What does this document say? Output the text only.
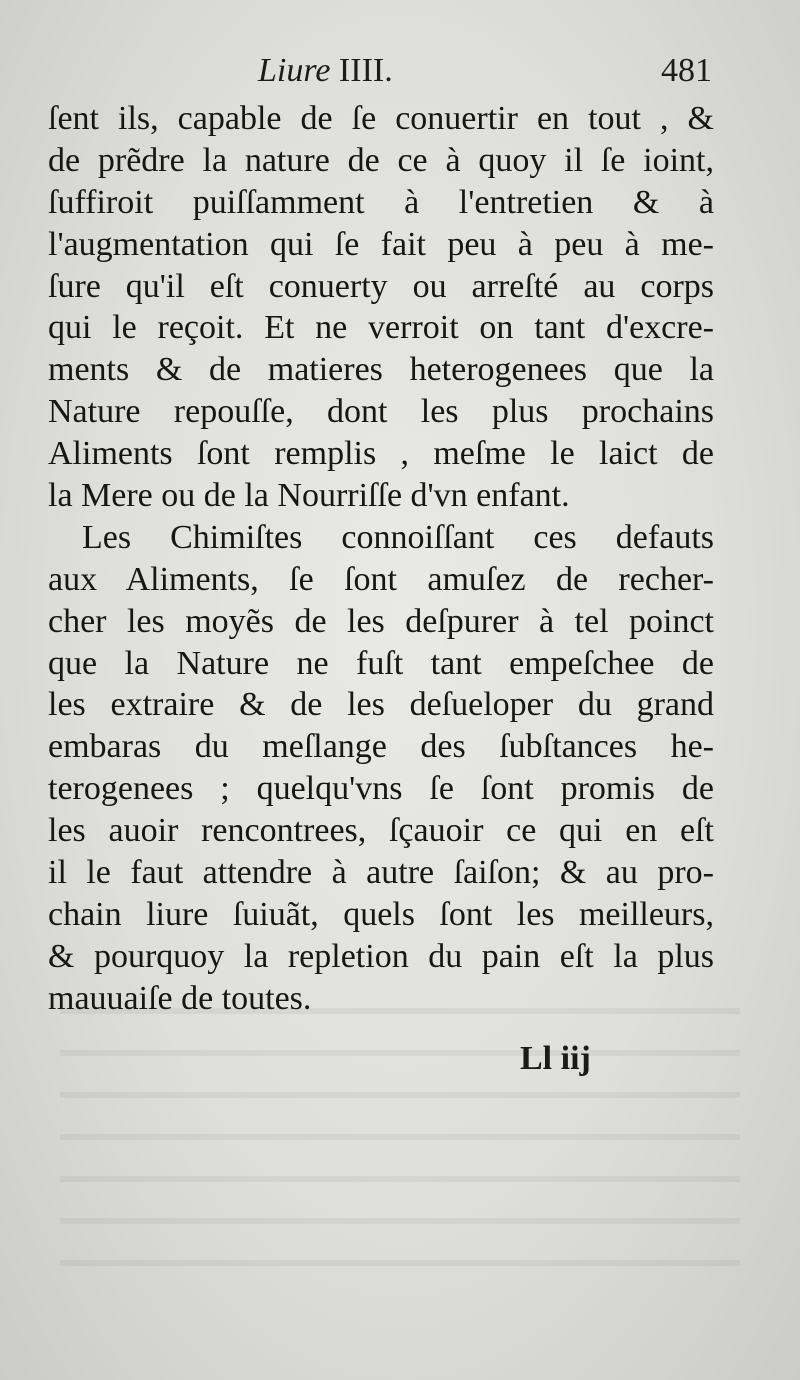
Liure IIII.	481
ſent ils, capable de ſe conuertir en tout , &
de prẽdre la nature de ce à quoy il ſe ioint,
ſuffiroit puiſſamment à l'entretien & à
l'augmentation qui ſe fait peu à peu à me-
ſure qu'il eſt conuerty ou arreſté au corps
qui le reçoit. Et ne verroit on tant d'excre-
ments & de matieres heterogenees que la
Nature repouſſe, dont les plus prochains
Aliments ſont remplis , meſme le laict de
la Mere ou de la Nourriſſe d'vn enfant.
Les Chimiſtes connoiſſant ces defauts
aux Aliments, ſe ſont amuſez de recher-
cher les moyẽs de les deſpurer à tel poinct
que la Nature ne fuſt tant empeſchee de
les extraire & de les deſueloper du grand
embaras du meſlange des ſubſtances he-
terogenees ; quelqu'vns ſe ſont promis de
les auoir rencontrees, ſçauoir ce qui en eſt
il le faut attendre à autre ſaiſon; & au pro-
chain liure ſuiuãt, quels ſont les meilleurs,
& pourquoy la repletion du pain eſt la plus
mauuaiſe de toutes.
Ll iij
